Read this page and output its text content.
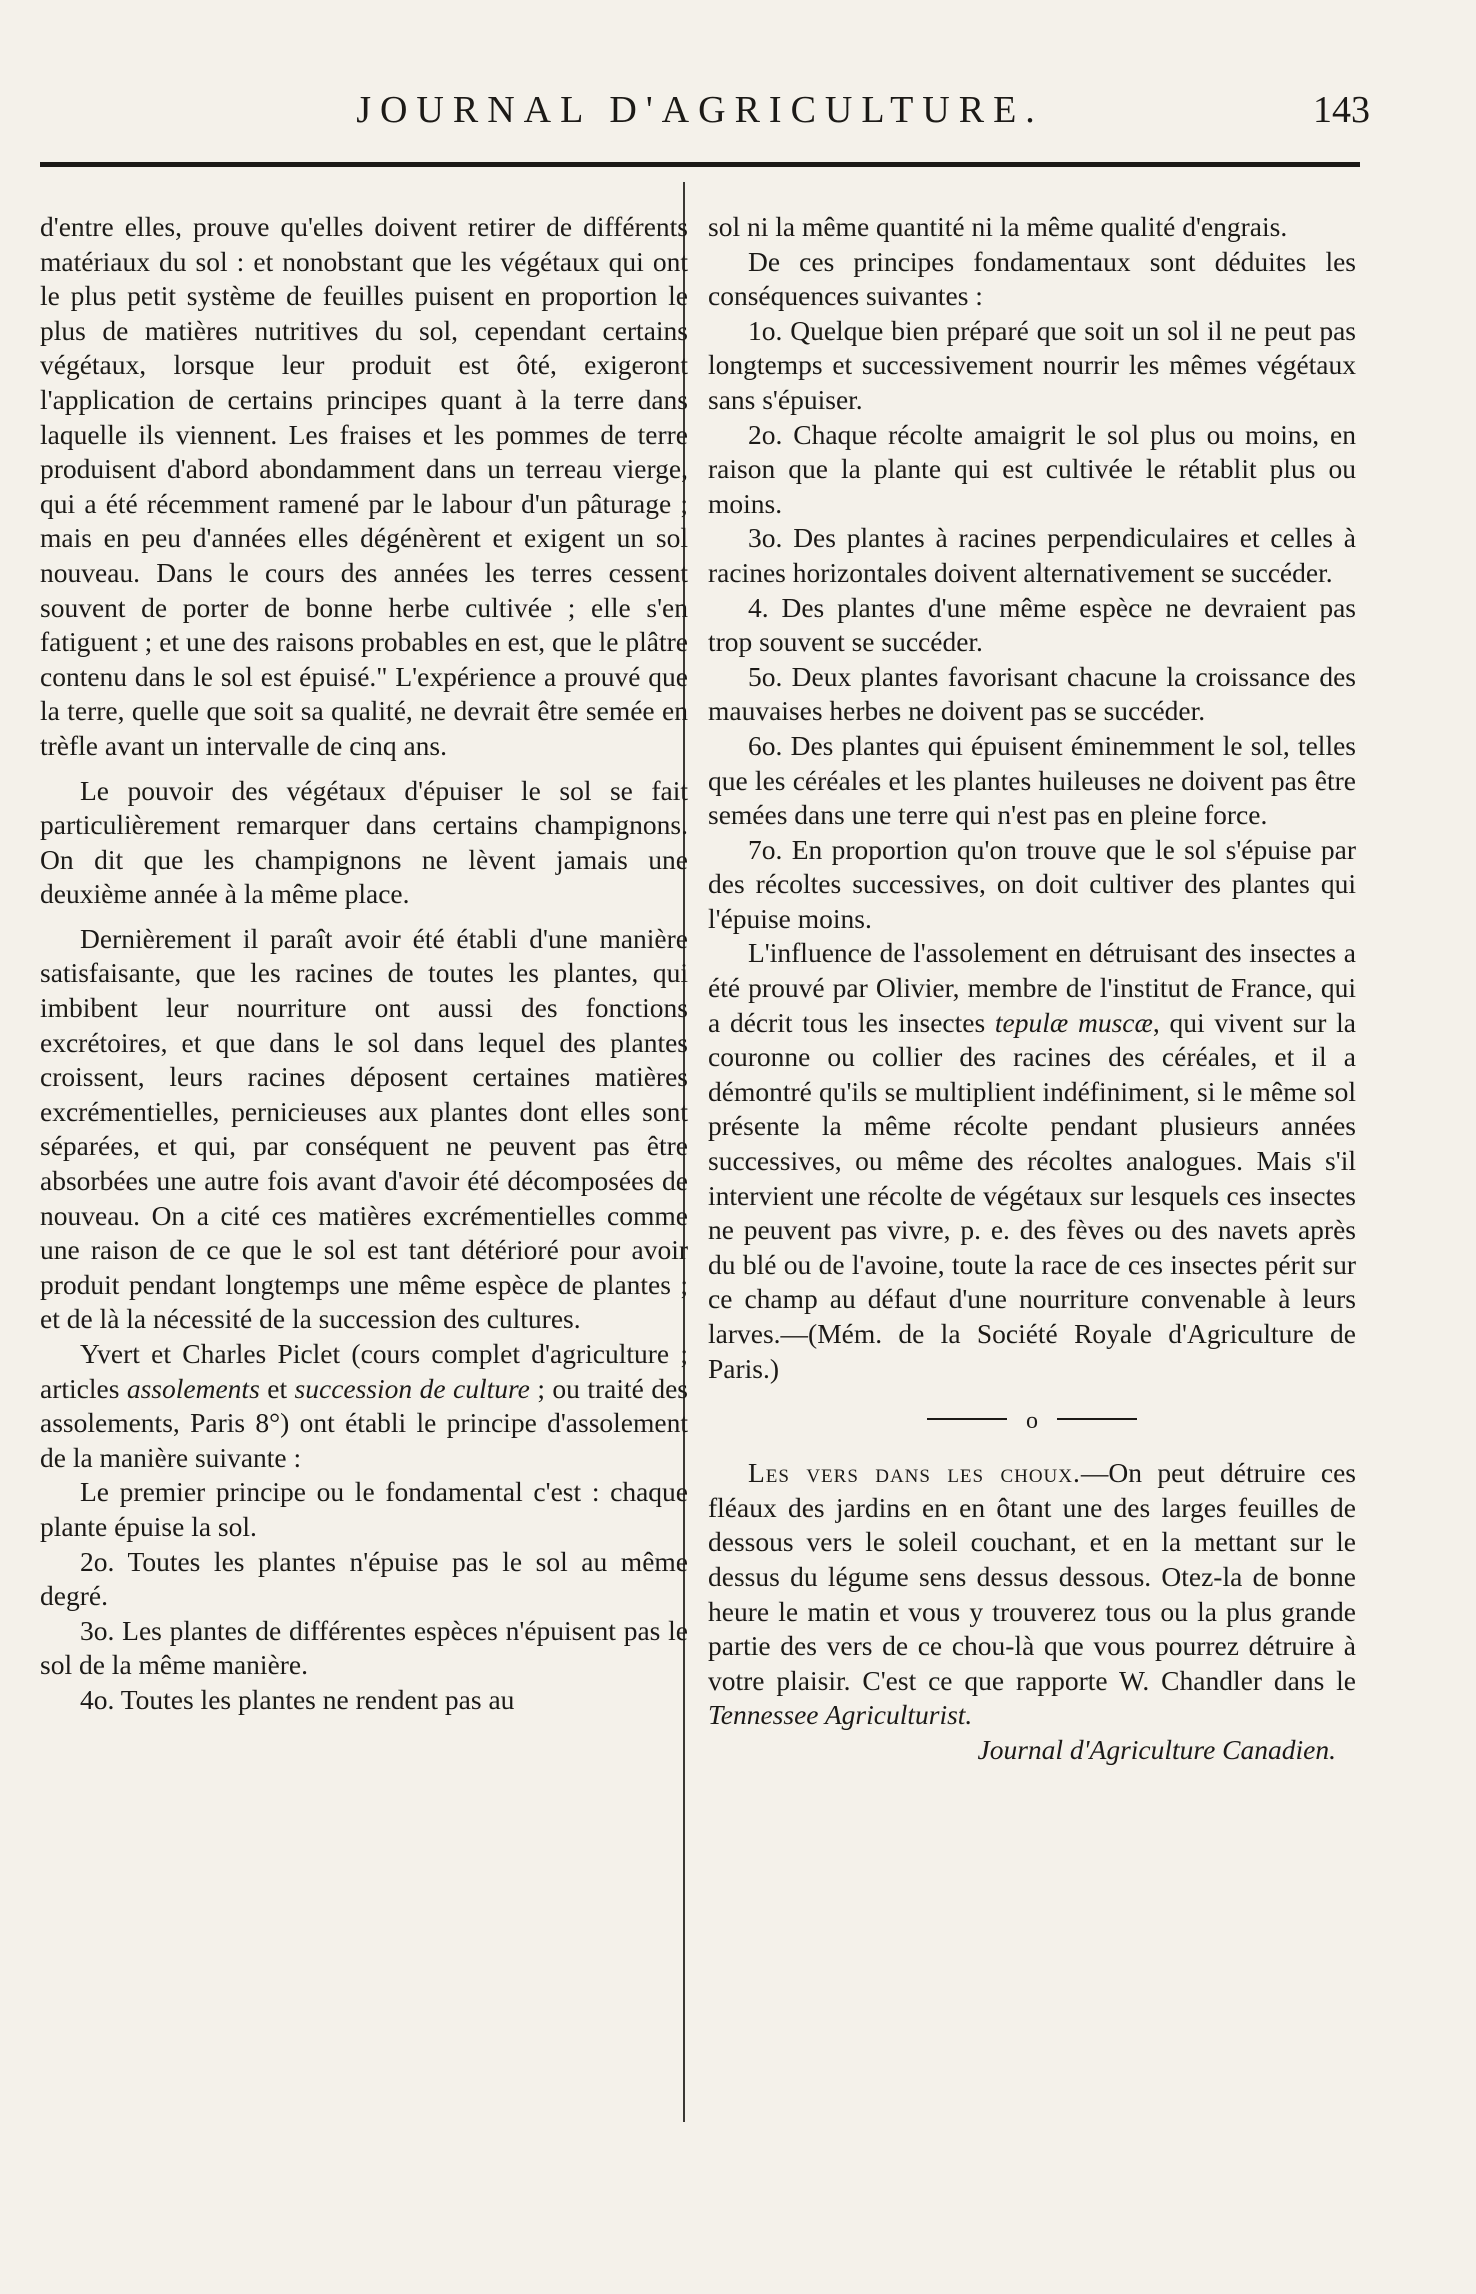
JOURNAL D'AGRICULTURE.	143

d'entre elles, prouve qu'elles doivent retirer de différents matériaux du sol : et nonobstant que les végétaux qui ont le plus petit système de feuilles puisent en proportion le plus de matières nutritives du sol, cependant certains végétaux, lorsque leur produit est ôté, exigeront l'application de certains principes quant à la terre dans laquelle ils viennent. Les fraises et les pommes de terre produisent d'abord abondamment dans un terreau vierge, qui a été récemment ramené par le labour d'un pâturage ; mais en peu d'années elles dégénèrent et exigent un sol nouveau. Dans le cours des années les terres cessent souvent de porter de bonne herbe cultivée ; elle s'en fatiguent ; et une des raisons probables en est, que le plâtre contenu dans le sol est épuisé." L'expérience a prouvé que la terre, quelle que soit sa qualité, ne devrait être semée en trèfle avant un intervalle de cinq ans.

Le pouvoir des végétaux d'épuiser le sol se fait particulièrement remarquer dans certains champignons. On dit que les champignons ne lèvent jamais une deuxième année à la même place.

Dernièrement il paraît avoir été établi d'une manière satisfaisante, que les racines de toutes les plantes, qui imbibent leur nourriture ont aussi des fonctions excrétoires, et que dans le sol dans lequel des plantes croissent, leurs racines déposent certaines matières excrémentielles, pernicieuses aux plantes dont elles sont séparées, et qui, par conséquent ne peuvent pas être absorbées une autre fois avant d'avoir été décomposées de nouveau. On a cité ces matières excrémentielles comme une raison de ce que le sol est tant détérioré pour avoir produit pendant longtemps une même espèce de plantes ; et de là la nécessité de la succession des cultures.

Yvert et Charles Piclet (cours complet d'agriculture ; articles assolements et succession de culture ; ou traité des assolements, Paris 8°) ont établi le principe d'assolement de la manière suivante :

Le premier principe ou le fondamental c'est : chaque plante épuise la sol.

2o. Toutes les plantes n'épuise pas le sol au même degré.

3o. Les plantes de différentes espèces n'épuisent pas le sol de la même manière.

4o. Toutes les plantes ne rendent pas au

sol ni la même quantité ni la même qualité d'engrais.

De ces principes fondamentaux sont déduites les conséquences suivantes :

1o. Quelque bien préparé que soit un sol il ne peut pas longtemps et successivement nourrir les mêmes végétaux sans s'épuiser.

2o. Chaque récolte amaigrit le sol plus ou moins, en raison que la plante qui est cultivée le rétablit plus ou moins.

3o. Des plantes à racines perpendiculaires et celles à racines horizontales doivent alternativement se succéder.

4. Des plantes d'une même espèce ne devraient pas trop souvent se succéder.

5o. Deux plantes favorisant chacune la croissance des mauvaises herbes ne doivent pas se succéder.

6o. Des plantes qui épuisent éminemment le sol, telles que les céréales et les plantes huileuses ne doivent pas être semées dans une terre qui n'est pas en pleine force.

7o. En proportion qu'on trouve que le sol s'épuise par des récoltes successives, on doit cultiver des plantes qui l'épuise moins.

L'influence de l'assolement en détruisant des insectes a été prouvé par Olivier, membre de l'institut de France, qui a décrit tous les insectes tepulæ muscæ, qui vivent sur la couronne ou collier des racines des céréales, et il a démontré qu'ils se multiplient indéfiniment, si le même sol présente la même récolte pendant plusieurs années successives, ou même des récoltes analogues. Mais s'il intervient une récolte de végétaux sur lesquels ces insectes ne peuvent pas vivre, p. e. des fèves ou des navets après du blé ou de l'avoine, toute la race de ces insectes périt sur ce champ au défaut d'une nourriture convenable à leurs larves.—(Mém. de la Société Royale d'Agriculture de Paris.)

o

Les vers dans les choux.—On peut détruire ces fléaux des jardins en en ôtant une des larges feuilles de dessous vers le soleil couchant, et en la mettant sur le dessus du légume sens dessus dessous. Otez-la de bonne heure le matin et vous y trouverez tous ou la plus grande partie des vers de ce chou-là que vous pourrez détruire à votre plaisir. C'est ce que rapporte W. Chandler dans le Tennessee Agriculturist.

Journal d'Agriculture Canadien.
